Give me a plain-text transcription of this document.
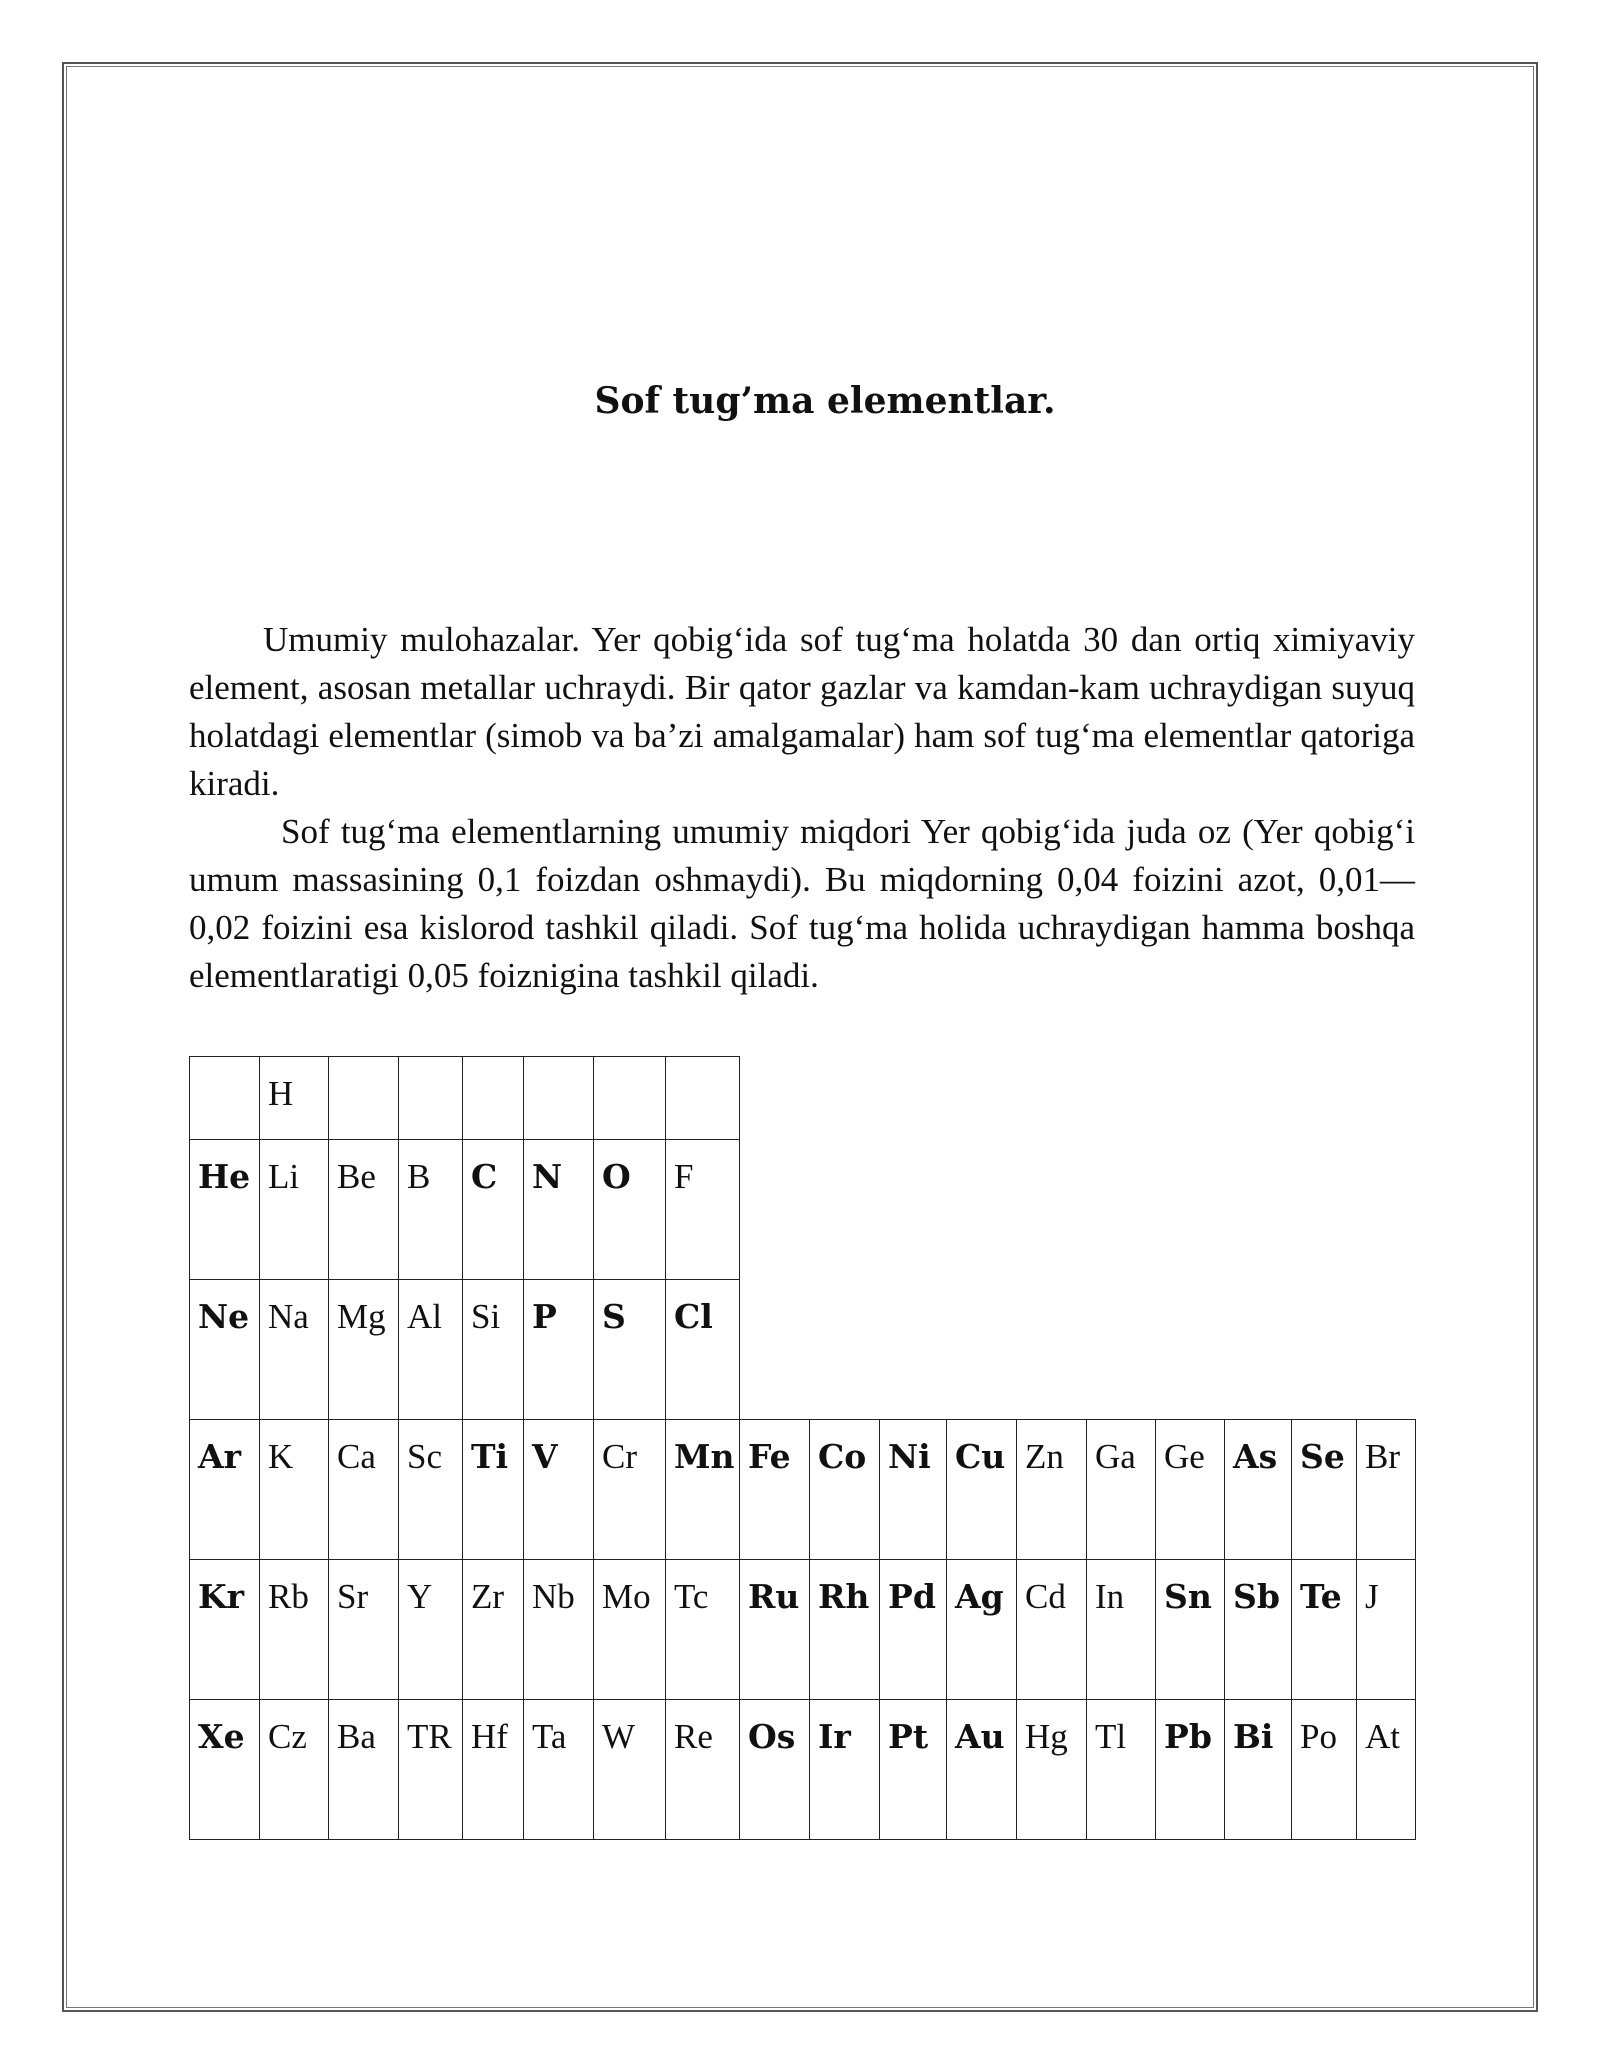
Sof tug’ma elementlar.

Umumiy mulohazalar. Yer qobig‘ida sof tug‘ma holatda 30 dan ortiq ximiyaviy element, asosan metallar uchraydi. Bir qator gazlar va kamdan-kam uchraydigan suyuq holatdagi elementlar (simob va ba’zi amalgamalar) ham sof tug‘ma elementlar qatoriga kiradi.

Sof tug‘ma elementlarning umumiy miqdori Yer qobig‘ida juda oz (Yer qobig‘i umum massasining 0,1 foizdan oshmaydi). Bu miqdorning 0,04 foizini azot, 0,01—0,02 foizini esa kislorod tashkil qiladi. Sof tug‘ma holida uchraydigan hamma boshqa elementlaratigi 0,05 foiznigina tashkil qiladi.

	H																
He	Li	Be	B	C	N	O	F										
Ne	Na	Mg	Al	Si	P	S	Cl										
Ar	K	Ca	Sc	Ti	V	Cr	Mn	Fe	Co	Ni	Cu	Zn	Ga	Ge	As	Se	Br
Kr	Rb	Sr	Y	Zr	Nb	Mo	Tc	Ru	Rh	Pd	Ag	Cd	In	Sn	Sb	Te	J
Xe	Cz	Ba	TR	Hf	Ta	W	Re	Os	Ir	Pt	Au	Hg	Tl	Pb	Bi	Po	At
